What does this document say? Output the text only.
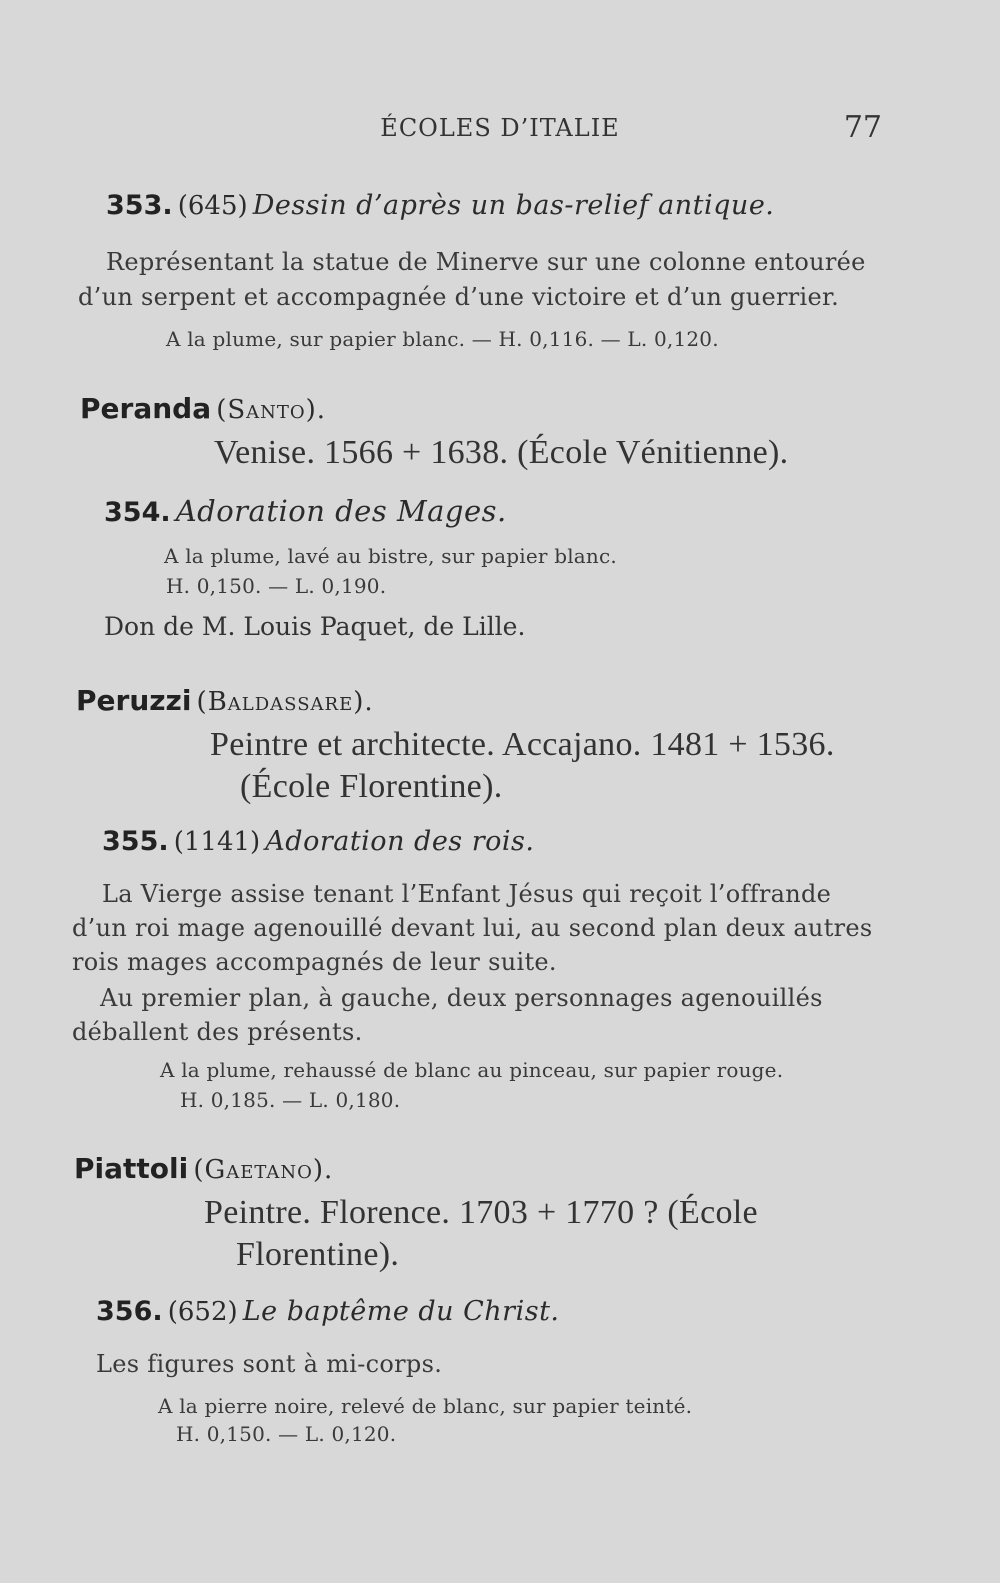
ÉCOLES D’ITALIE	77
353. (645) Dessin d’après un bas-relief antique.
Représentant la statue de Minerve sur une colonne entourée
d’un serpent et accompagnée d’une victoire et d’un guerrier.
A la plume, sur papier blanc. — H. 0,116. — L. 0,120.
Peranda (Santo).
Venise. 1566 + 1638. (École Vénitienne).
354. Adoration des Mages.
A la plume, lavé au bistre, sur papier blanc.
H. 0,150. — L. 0,190.
Don de M. Louis Paquet, de Lille.
Peruzzi (Baldassare).
Peintre et architecte. Accajano. 1481 + 1536.
(École Florentine).
355. (1141) Adoration des rois.
La Vierge assise tenant l’Enfant Jésus qui reçoit l’offrande
d’un roi mage agenouillé devant lui, au second plan deux autres
rois mages accompagnés de leur suite.
Au premier plan, à gauche, deux personnages agenouillés
déballent des présents.
A la plume, rehaussé de blanc au pinceau, sur papier rouge.
H. 0,185. — L. 0,180.
Piattoli (Gaetano).
Peintre. Florence. 1703 + 1770 ? (École
Florentine).
356. (652) Le baptême du Christ.
Les figures sont à mi-corps.
A la pierre noire, relevé de blanc, sur papier teinté.
H. 0,150. — L. 0,120.
